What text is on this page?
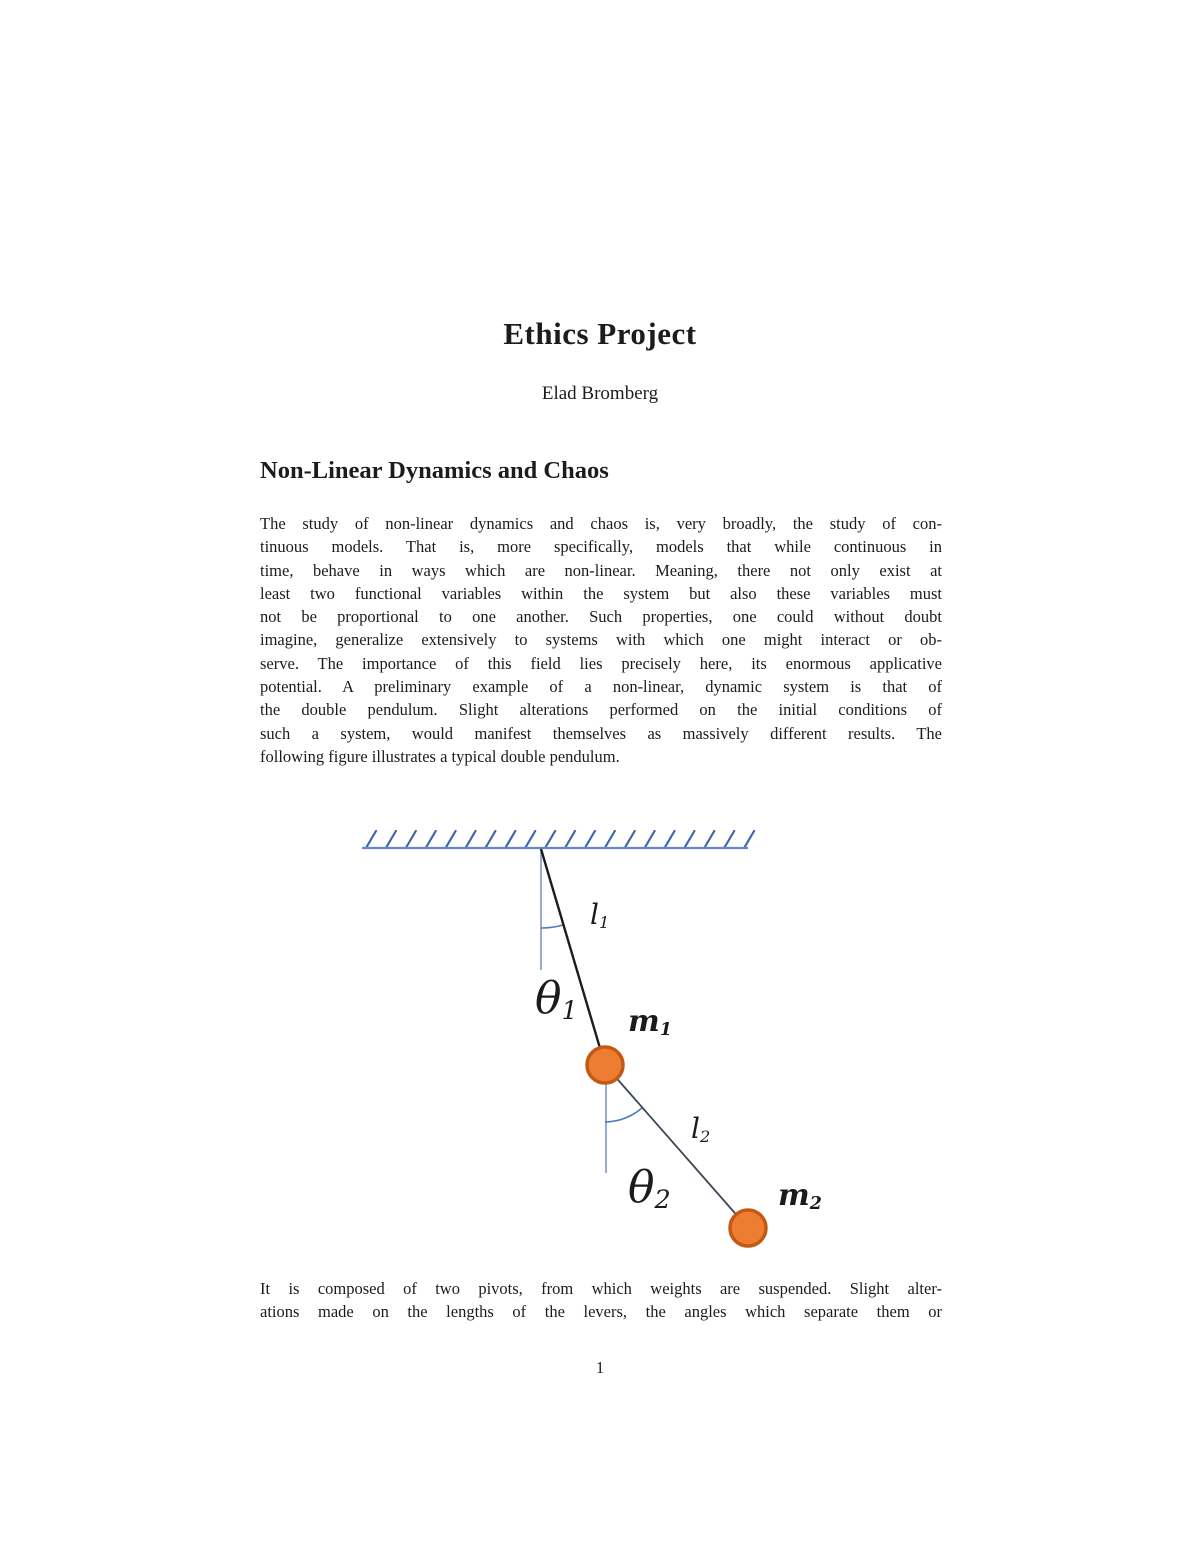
Ethics Project
Elad Bromberg
Non-Linear Dynamics and Chaos
The study of non-linear dynamics and chaos is, very broadly, the study of con-
tinuous models. That is, more specifically, models that while continuous in
time, behave in ways which are non-linear. Meaning, there not only exist at
least two functional variables within the system but also these variables must
not be proportional to one another. Such properties, one could without doubt
imagine, generalize extensively to systems with which one might interact or ob-
serve. The importance of this field lies precisely here, its enormous applicative
potential. A preliminary example of a non-linear, dynamic system is that of
the double pendulum. Slight alterations performed on the initial conditions of
such a system, would manifest themselves as massively different results. The
following figure illustrates a typical double pendulum.
$l_1$
$\theta_1$ $m_1$
$l_2$
$\theta_2$	$m_2$
It is composed of two pivots, from which weights are suspended. Slight alter-
ations made on the lengths of the levers, the angles which separate them or
1
